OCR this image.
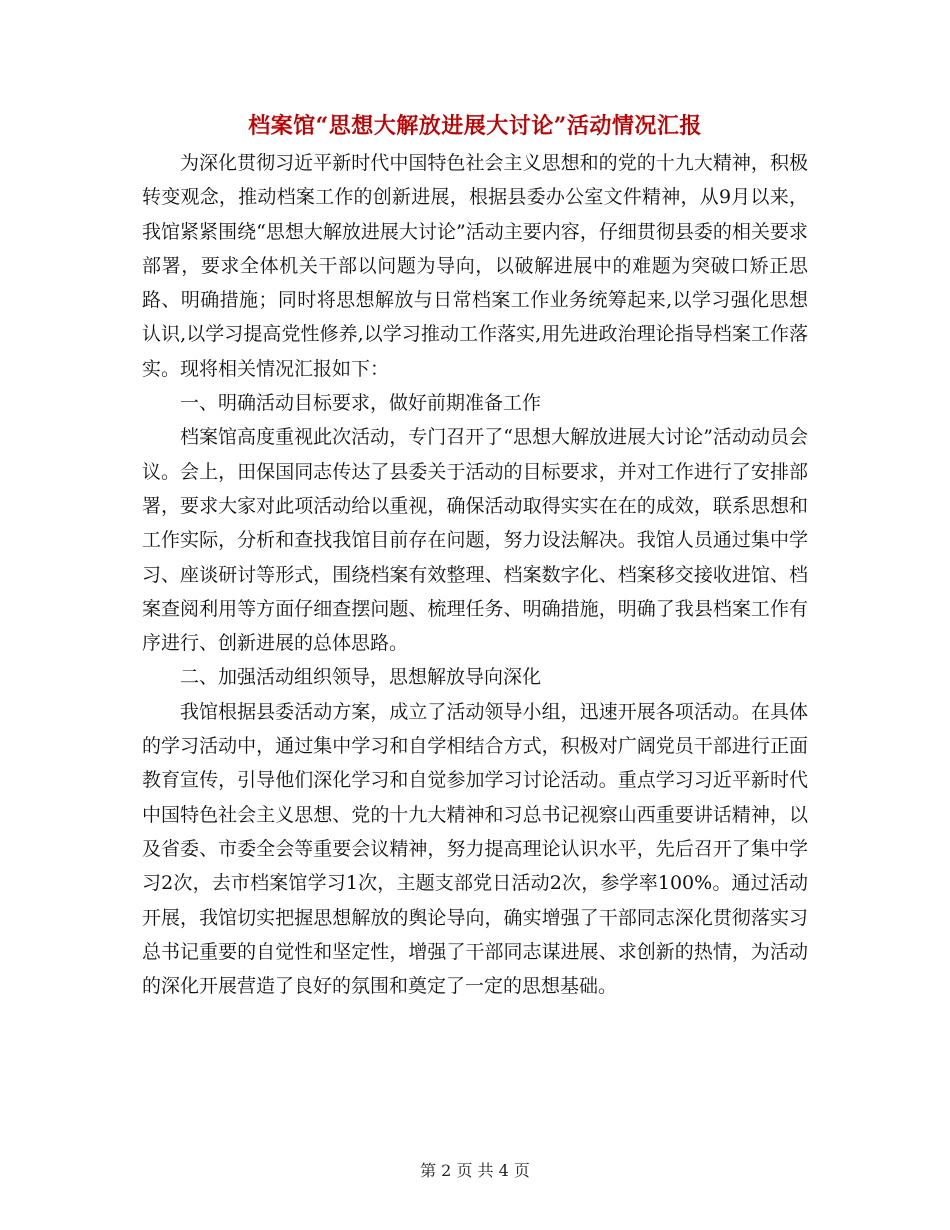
档案馆“思想大解放进展大讨论”活动情况汇报

为深化贯彻习近平新时代中国特色社会主义思想和的党的十九大精神，积极转变观念，推动档案工作的创新进展，根据县委办公室文件精神，从9月以来，我馆紧紧围绕“思想大解放进展大讨论”活动主要内容，仔细贯彻县委的相关要求部署，要求全体机关干部以问题为导向，以破解进展中的难题为突破口矫正思路、明确措施；同时将思想解放与日常档案工作业务统筹起来,以学习强化思想认识,以学习提高党性修养,以学习推动工作落实,用先进政治理论指导档案工作落实。现将相关情况汇报如下：

一、明确活动目标要求，做好前期准备工作

档案馆高度重视此次活动，专门召开了“思想大解放进展大讨论”活动动员会议。会上，田保国同志传达了县委关于活动的目标要求，并对工作进行了安排部署，要求大家对此项活动给以重视，确保活动取得实实在在的成效，联系思想和工作实际，分析和查找我馆目前存在问题，努力设法解决。我馆人员通过集中学习、座谈研讨等形式，围绕档案有效整理、档案数字化、档案移交接收进馆、档案查阅利用等方面仔细查摆问题、梳理任务、明确措施，明确了我县档案工作有序进行、创新进展的总体思路。

二、加强活动组织领导，思想解放导向深化

我馆根据县委活动方案，成立了活动领导小组，迅速开展各项活动。在具体的学习活动中，通过集中学习和自学相结合方式，积极对广阔党员干部进行正面教育宣传，引导他们深化学习和自觉参加学习讨论活动。重点学习习近平新时代中国特色社会主义思想、党的十九大精神和习总书记视察山西重要讲话精神，以及省委、市委全会等重要会议精神，努力提高理论认识水平，先后召开了集中学习2次，去市档案馆学习1次，主题支部党日活动2次，参学率100%。通过活动开展，我馆切实把握思想解放的舆论导向，确实增强了干部同志深化贯彻落实习总书记重要的自觉性和坚定性，增强了干部同志谋进展、求创新的热情，为活动的深化开展营造了良好的氛围和奠定了一定的思想基础。

第 2 页 共 4 页
